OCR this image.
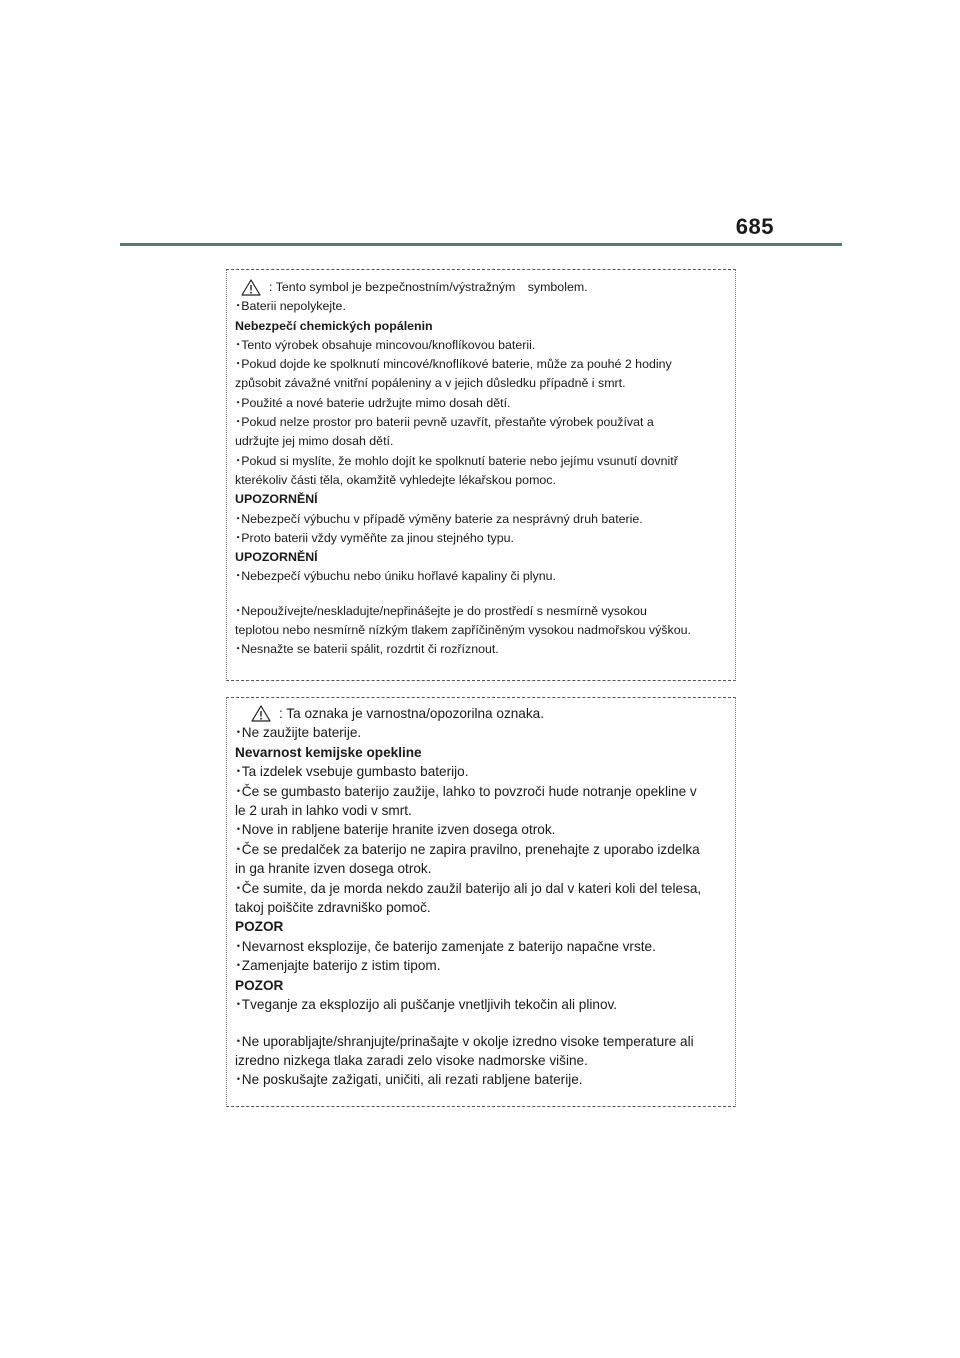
685
: Tento symbol je bezpečnostním/výstražným　symbolem.
･Baterii nepolykejte.
Nebezpečí chemických popálenin
･Tento výrobek obsahuje mincovou/knoflíkovou baterii.
･Pokud dojde ke spolknutí mincové/knoflíkové baterie, může za pouhé 2 hodiny
způsobit závažné vnitřní popáleniny a v jejich důsledku případně i smrt.
･Použité a nové baterie udržujte mimo dosah dětí.
･Pokud nelze prostor pro baterii pevně uzavřít, přestaňte výrobek používat a
udržujte jej mimo dosah dětí.
･Pokud si myslíte, že mohlo dojít ke spolknutí baterie nebo jejímu vsunutí dovnitř
kterékoliv části těla, okamžitě vyhledejte lékařskou pomoc.
UPOZORNĚNÍ
･Nebezpečí výbuchu v případě výměny baterie za nesprávný druh baterie.
･Proto baterii vždy vyměňte za jinou stejného typu.
UPOZORNĚNÍ
･Nebezpečí výbuchu nebo úniku hořlavé kapaliny či plynu.
･Nepoužívejte/neskladujte/nepřinášejte je do prostředí s nesmírně vysokou
teplotou nebo nesmírně nízkým tlakem zapříčiněným vysokou nadmořskou výškou.
･Nesnažte se baterii spálit, rozdrtit či rozříznout.
: Ta oznaka je varnostna/opozorilna oznaka.
･Ne zaužijte baterije.
Nevarnost kemijske opekline
･Ta izdelek vsebuje gumbasto baterijo.
･Če se gumbasto baterijo zaužije, lahko to povzroči hude notranje opekline v
le 2 urah in lahko vodi v smrt.
･Nove in rabljene baterije hranite izven dosega otrok.
･Če se predalček za baterijo ne zapira pravilno, prenehajte z uporabo izdelka
in ga hranite izven dosega otrok.
･Če sumite, da je morda nekdo zaužil baterijo ali jo dal v kateri koli del telesa,
takoj poiščite zdravniško pomoč.
POZOR
･Nevarnost eksplozije, če baterijo zamenjate z baterijo napačne vrste.
･Zamenjajte baterijo z istim tipom.
POZOR
･Tveganje za eksplozijo ali puščanje vnetljivih tekočin ali plinov.
･Ne uporabljajte/shranjujte/prinašajte v okolje izredno visoke temperature ali
izredno nizkega tlaka zaradi zelo visoke nadmorske višine.
･Ne poskušajte zažigati, uničiti, ali rezati rabljene baterije.
